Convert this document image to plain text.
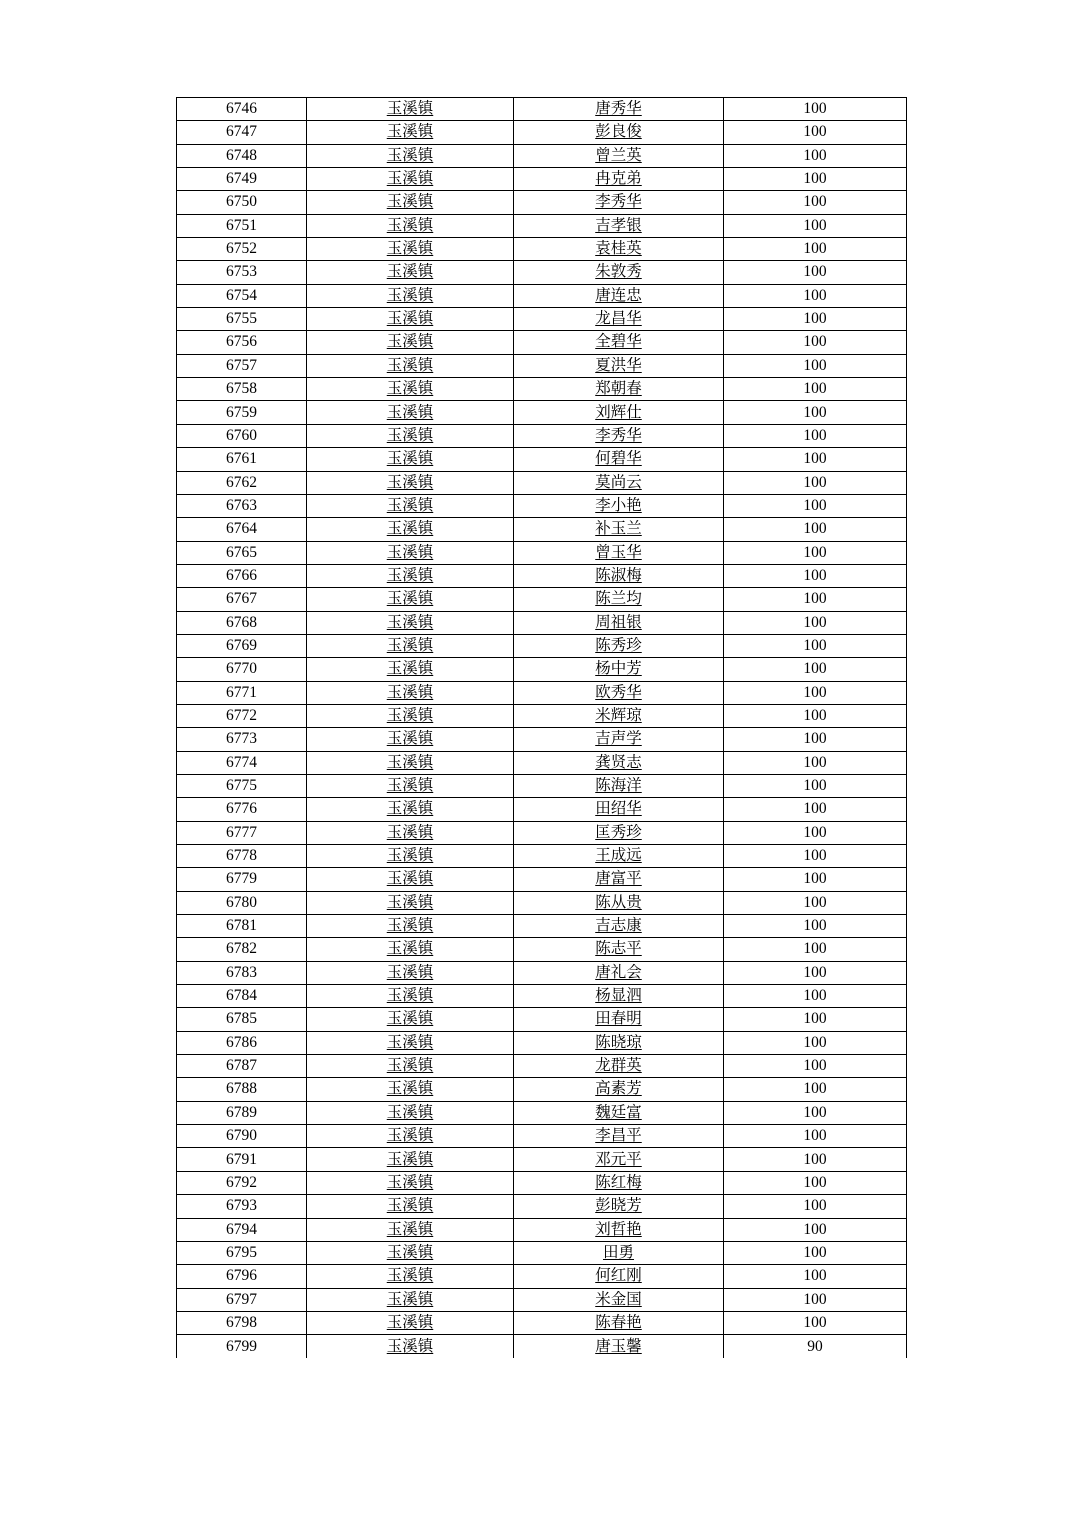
6746	玉溪镇	唐秀华	100
6747	玉溪镇	彭良俊	100
6748	玉溪镇	曾兰英	100
6749	玉溪镇	冉克弟	100
6750	玉溪镇	李秀华	100
6751	玉溪镇	吉孝银	100
6752	玉溪镇	袁桂英	100
6753	玉溪镇	朱敦秀	100
6754	玉溪镇	唐连忠	100
6755	玉溪镇	龙昌华	100
6756	玉溪镇	全碧华	100
6757	玉溪镇	夏洪华	100
6758	玉溪镇	郑朝春	100
6759	玉溪镇	刘辉仕	100
6760	玉溪镇	李秀华	100
6761	玉溪镇	何碧华	100
6762	玉溪镇	莫尚云	100
6763	玉溪镇	李小艳	100
6764	玉溪镇	补玉兰	100
6765	玉溪镇	曾玉华	100
6766	玉溪镇	陈淑梅	100
6767	玉溪镇	陈兰均	100
6768	玉溪镇	周祖银	100
6769	玉溪镇	陈秀珍	100
6770	玉溪镇	杨中芳	100
6771	玉溪镇	欧秀华	100
6772	玉溪镇	米辉琼	100
6773	玉溪镇	吉声学	100
6774	玉溪镇	龚贤志	100
6775	玉溪镇	陈海洋	100
6776	玉溪镇	田绍华	100
6777	玉溪镇	匡秀珍	100
6778	玉溪镇	王成远	100
6779	玉溪镇	唐富平	100
6780	玉溪镇	陈从贵	100
6781	玉溪镇	吉志康	100
6782	玉溪镇	陈志平	100
6783	玉溪镇	唐礼会	100
6784	玉溪镇	杨显泗	100
6785	玉溪镇	田春明	100
6786	玉溪镇	陈晓琼	100
6787	玉溪镇	龙群英	100
6788	玉溪镇	高素芳	100
6789	玉溪镇	魏廷富	100
6790	玉溪镇	李昌平	100
6791	玉溪镇	邓元平	100
6792	玉溪镇	陈红梅	100
6793	玉溪镇	彭晓芳	100
6794	玉溪镇	刘哲艳	100
6795	玉溪镇	田勇	100
6796	玉溪镇	何红刚	100
6797	玉溪镇	米金国	100
6798	玉溪镇	陈春艳	100
6799	玉溪镇	唐玉馨	90
